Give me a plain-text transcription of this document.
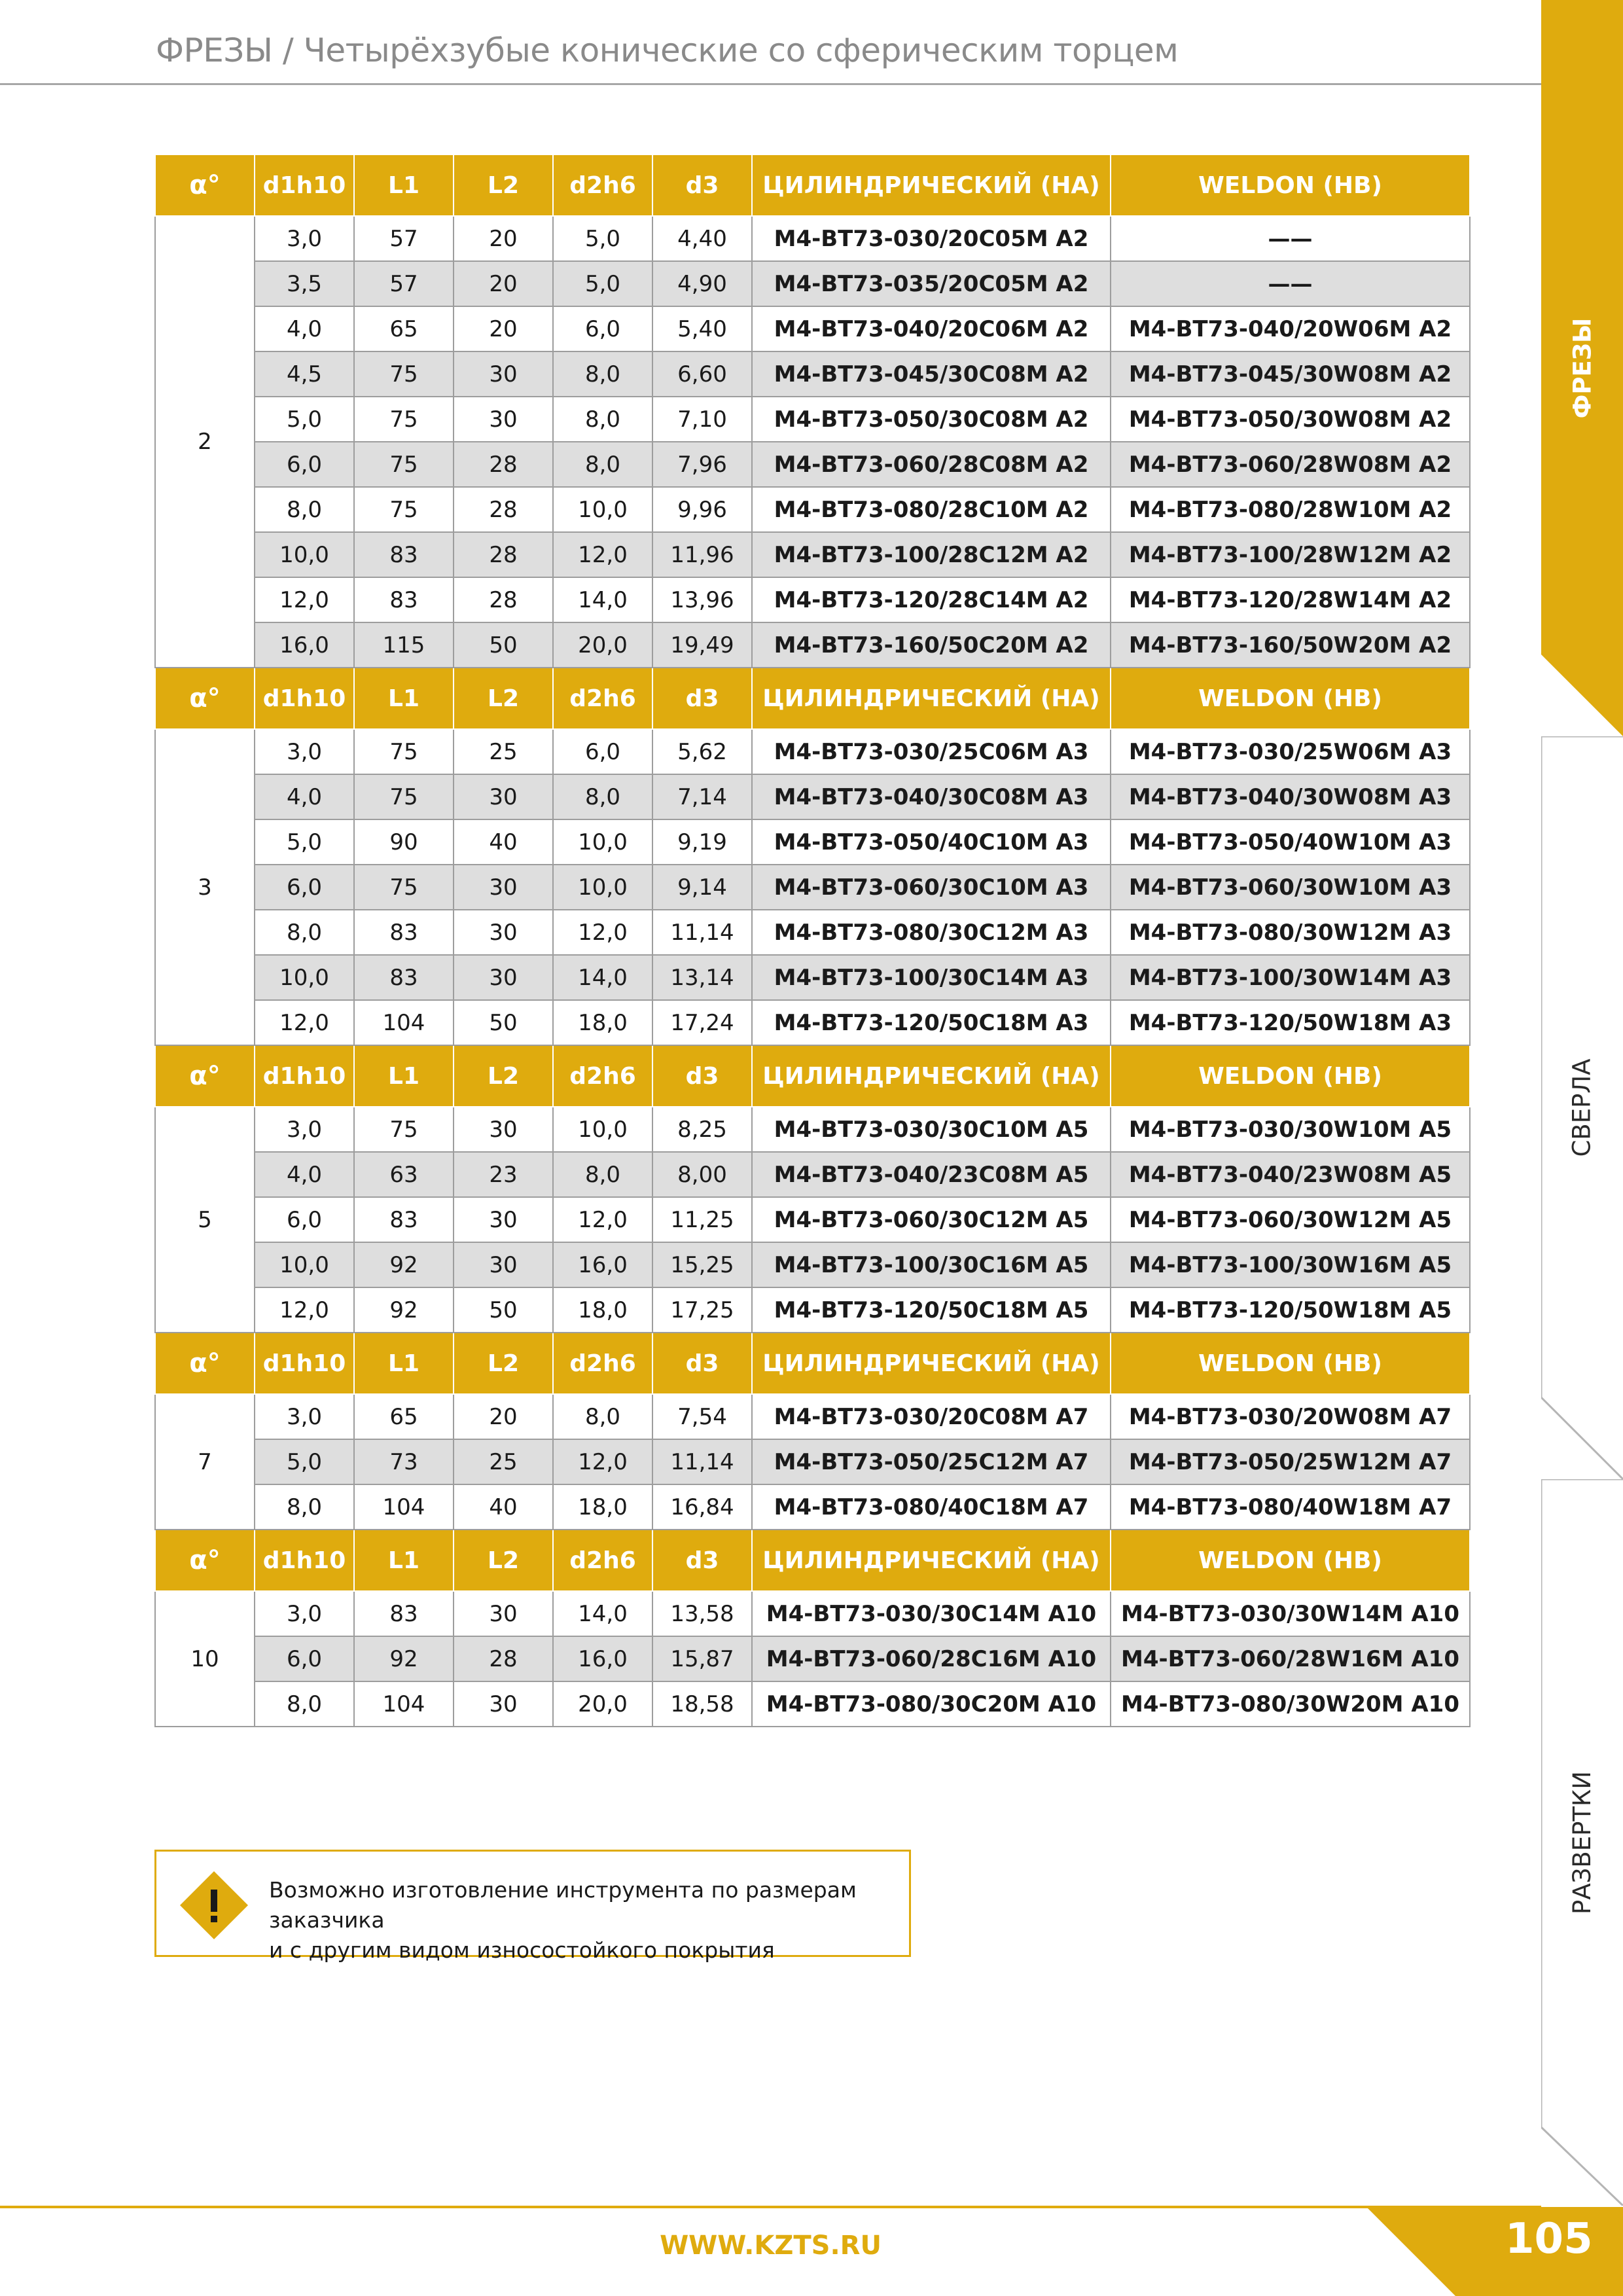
ФРЕЗЫ / Четырёхзубые конические со сферическим торцем
ФРЕЗЫ
СВЕРЛА
РАЗВЕРТКИ
α°	d1h10	L1	L2	d2h6	d3	ЦИЛИНДРИЧЕСКИЙ (HA)	WELDON (HB)
2	3,0	57	20	5,0	4,40	M4-BT73-030/20C05M A2	——
	3,5	57	20	5,0	4,90	M4-BT73-035/20C05M A2	——
	4,0	65	20	6,0	5,40	M4-BT73-040/20C06M A2	M4-BT73-040/20W06M A2
	4,5	75	30	8,0	6,60	M4-BT73-045/30C08M A2	M4-BT73-045/30W08M A2
	5,0	75	30	8,0	7,10	M4-BT73-050/30C08M A2	M4-BT73-050/30W08M A2
	6,0	75	28	8,0	7,96	M4-BT73-060/28C08M A2	M4-BT73-060/28W08M A2
	8,0	75	28	10,0	9,96	M4-BT73-080/28C10M A2	M4-BT73-080/28W10M A2
	10,0	83	28	12,0	11,96	M4-BT73-100/28C12M A2	M4-BT73-100/28W12M A2
	12,0	83	28	14,0	13,96	M4-BT73-120/28C14M A2	M4-BT73-120/28W14M A2
	16,0	115	50	20,0	19,49	M4-BT73-160/50C20M A2	M4-BT73-160/50W20M A2
α°	d1h10	L1	L2	d2h6	d3	ЦИЛИНДРИЧЕСКИЙ (HA)	WELDON (HB)
3	3,0	75	25	6,0	5,62	M4-BT73-030/25C06M A3	M4-BT73-030/25W06M A3
	4,0	75	30	8,0	7,14	M4-BT73-040/30C08M A3	M4-BT73-040/30W08M A3
	5,0	90	40	10,0	9,19	M4-BT73-050/40C10M A3	M4-BT73-050/40W10M A3
	6,0	75	30	10,0	9,14	M4-BT73-060/30C10M A3	M4-BT73-060/30W10M A3
	8,0	83	30	12,0	11,14	M4-BT73-080/30C12M A3	M4-BT73-080/30W12M A3
	10,0	83	30	14,0	13,14	M4-BT73-100/30C14M A3	M4-BT73-100/30W14M A3
	12,0	104	50	18,0	17,24	M4-BT73-120/50C18M A3	M4-BT73-120/50W18M A3
α°	d1h10	L1	L2	d2h6	d3	ЦИЛИНДРИЧЕСКИЙ (HA)	WELDON (HB)
5	3,0	75	30	10,0	8,25	M4-BT73-030/30C10M A5	M4-BT73-030/30W10M A5
	4,0	63	23	8,0	8,00	M4-BT73-040/23C08M A5	M4-BT73-040/23W08M A5
	6,0	83	30	12,0	11,25	M4-BT73-060/30C12M A5	M4-BT73-060/30W12M A5
	10,0	92	30	16,0	15,25	M4-BT73-100/30C16M A5	M4-BT73-100/30W16M A5
	12,0	92	50	18,0	17,25	M4-BT73-120/50C18M A5	M4-BT73-120/50W18M A5
α°	d1h10	L1	L2	d2h6	d3	ЦИЛИНДРИЧЕСКИЙ (HA)	WELDON (HB)
7	3,0	65	20	8,0	7,54	M4-BT73-030/20C08M A7	M4-BT73-030/20W08M A7
	5,0	73	25	12,0	11,14	M4-BT73-050/25C12M A7	M4-BT73-050/25W12M A7
	8,0	104	40	18,0	16,84	M4-BT73-080/40C18M A7	M4-BT73-080/40W18M A7
α°	d1h10	L1	L2	d2h6	d3	ЦИЛИНДРИЧЕСКИЙ (HA)	WELDON (HB)
10	3,0	83	30	14,0	13,58	M4-BT73-030/30C14M A10	M4-BT73-030/30W14M A10
	6,0	92	28	16,0	15,87	M4-BT73-060/28C16M A10	M4-BT73-060/28W16M A10
	8,0	104	30	20,0	18,58	M4-BT73-080/30C20M A10	M4-BT73-080/30W20M A10
Возможно изготовление инструмента по размерам заказчика
и с другим видом износостойкого покрытия
WWW.KZTS.RU	105
